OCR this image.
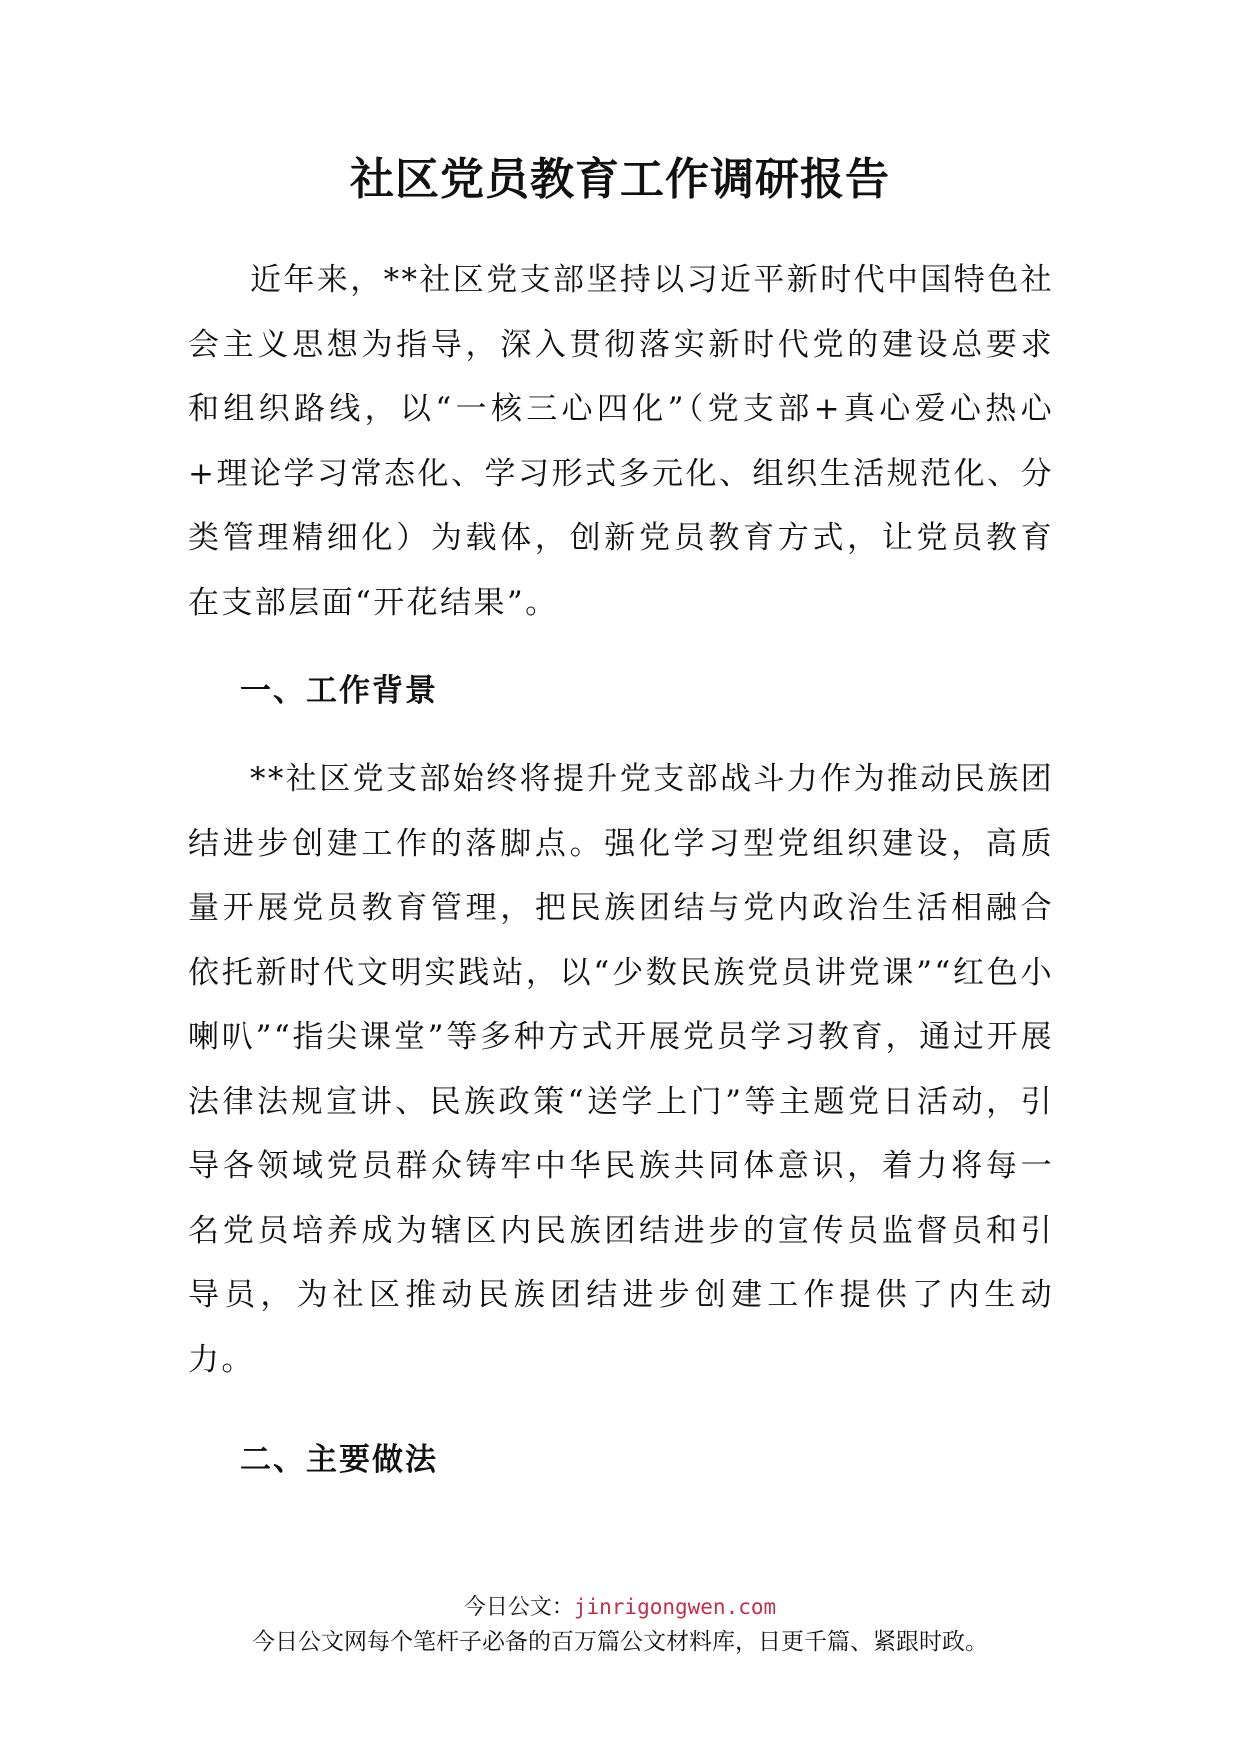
社区党员教育工作调研报告

近年来，**社区党支部坚持以习近平新时代中国特色社会主义思想为指导，深入贯彻落实新时代党的建设总要求和组织路线，以“一核三心四化”（党支部+真心爱心热心+理论学习常态化、学习形式多元化、组织生活规范化、分类管理精细化）为载体，创新党员教育方式，让党员教育在支部层面“开花结果”。

一、工作背景

**社区党支部始终将提升党支部战斗力作为推动民族团结进步创建工作的落脚点。强化学习型党组织建设，高质量开展党员教育管理，把民族团结与党内政治生活相融合依托新时代文明实践站，以“少数民族党员讲党课”“红色小喇叭”“指尖课堂”等多种方式开展党员学习教育，通过开展法律法规宣讲、民族政策“送学上门”等主题党日活动，引导各领域党员群众铸牢中华民族共同体意识，着力将每一名党员培养成为辖区内民族团结进步的宣传员监督员和引导员，为社区推动民族团结进步创建工作提供了内生动力。

二、主要做法
今日公文：jinrigongwen.com
今日公文网每个笔杆子必备的百万篇公文材料库，日更千篇、紧跟时政。
